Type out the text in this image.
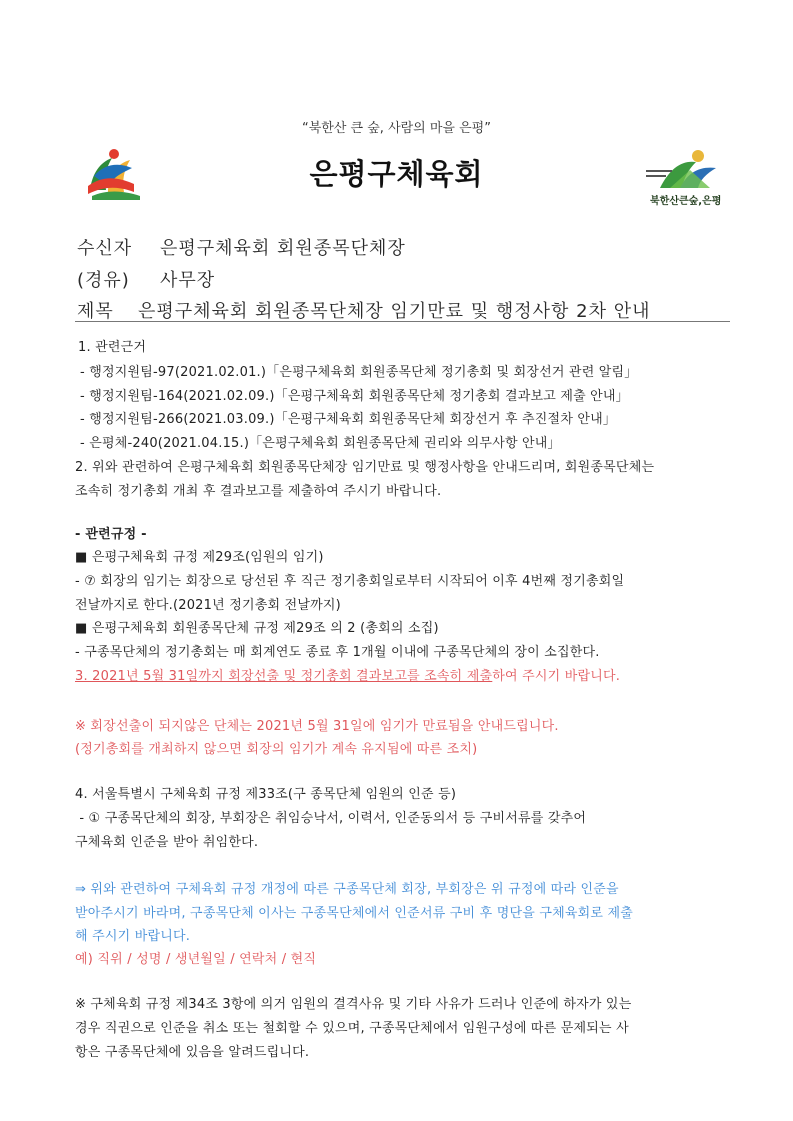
“북한산 큰 숲, 사람의 마을 은평”
은평구체육회
북한산큰숲,은평
수신자 은평구체육회 회원종목단체장
(경유) 사무장
제목 은평구체육회 회원종목단체장 임기만료 및 행정사항 2차 안내
1. 관련근거
- 행정지원팀-97(2021.02.01.)「은평구체육회 회원종목단체 정기총회 및 회장선거 관련 알림」
- 행정지원팀-164(2021.02.09.)「은평구체육회 회원종목단체 정기총회 결과보고 제출 안내」
- 행정지원팀-266(2021.03.09.)「은평구체육회 회원종목단체 회장선거 후 추진절차 안내」
- 은평체-240(2021.04.15.)「은평구체육회 회원종목단체 권리와 의무사항 안내」
2. 위와 관련하여 은평구체육회 회원종목단체장 임기만료 및 행정사항을 안내드리며, 회원종목단체는
조속히 정기총회 개최 후 결과보고를 제출하여 주시기 바랍니다.
- 관련규정 -
■ 은평구체육회 규정 제29조(임원의 임기)
- ⑦ 회장의 임기는 회장으로 당선된 후 직근 정기총회일로부터 시작되어 이후 4번째 정기총회일
전날까지로 한다.(2021년 정기총회 전날까지)
■ 은평구체육회 회원종목단체 규정 제29조 의 2 (총회의 소집)
- 구종목단체의 정기총회는 매 회계연도 종료 후 1개월 이내에 구종목단체의 장이 소집한다.
3. 2021년 5월 31일까지 회장선출 및 정기총회 결과보고를 조속히 제출하여 주시기 바랍니다.
※ 회장선출이 되지않은 단체는 2021년 5월 31일에 임기가 만료됨을 안내드립니다.
(정기총회를 개최하지 않으면 회장의 임기가 계속 유지됨에 따른 조치)
4. 서울특별시 구체육회 규정 제33조(구 종목단체 임원의 인준 등)
- ① 구종목단체의 회장, 부회장은 취임승낙서, 이력서, 인준동의서 등 구비서류를 갖추어
구체육회 인준을 받아 취임한다.
⇒ 위와 관련하여 구체육회 규정 개정에 따른 구종목단체 회장, 부회장은 위 규정에 따라 인준을
받아주시기 바라며, 구종목단체 이사는 구종목단체에서 인준서류 구비 후 명단을 구체육회로 제출
해 주시기 바랍니다.
예) 직위 / 성명 / 생년월일 / 연락처 / 현직
※ 구체육회 규정 제34조 3항에 의거 임원의 결격사유 및 기타 사유가 드러나 인준에 하자가 있는
경우 직권으로 인준을 취소 또는 철회할 수 있으며, 구종목단체에서 임원구성에 따른 문제되는 사
항은 구종목단체에 있음을 알려드립니다.
